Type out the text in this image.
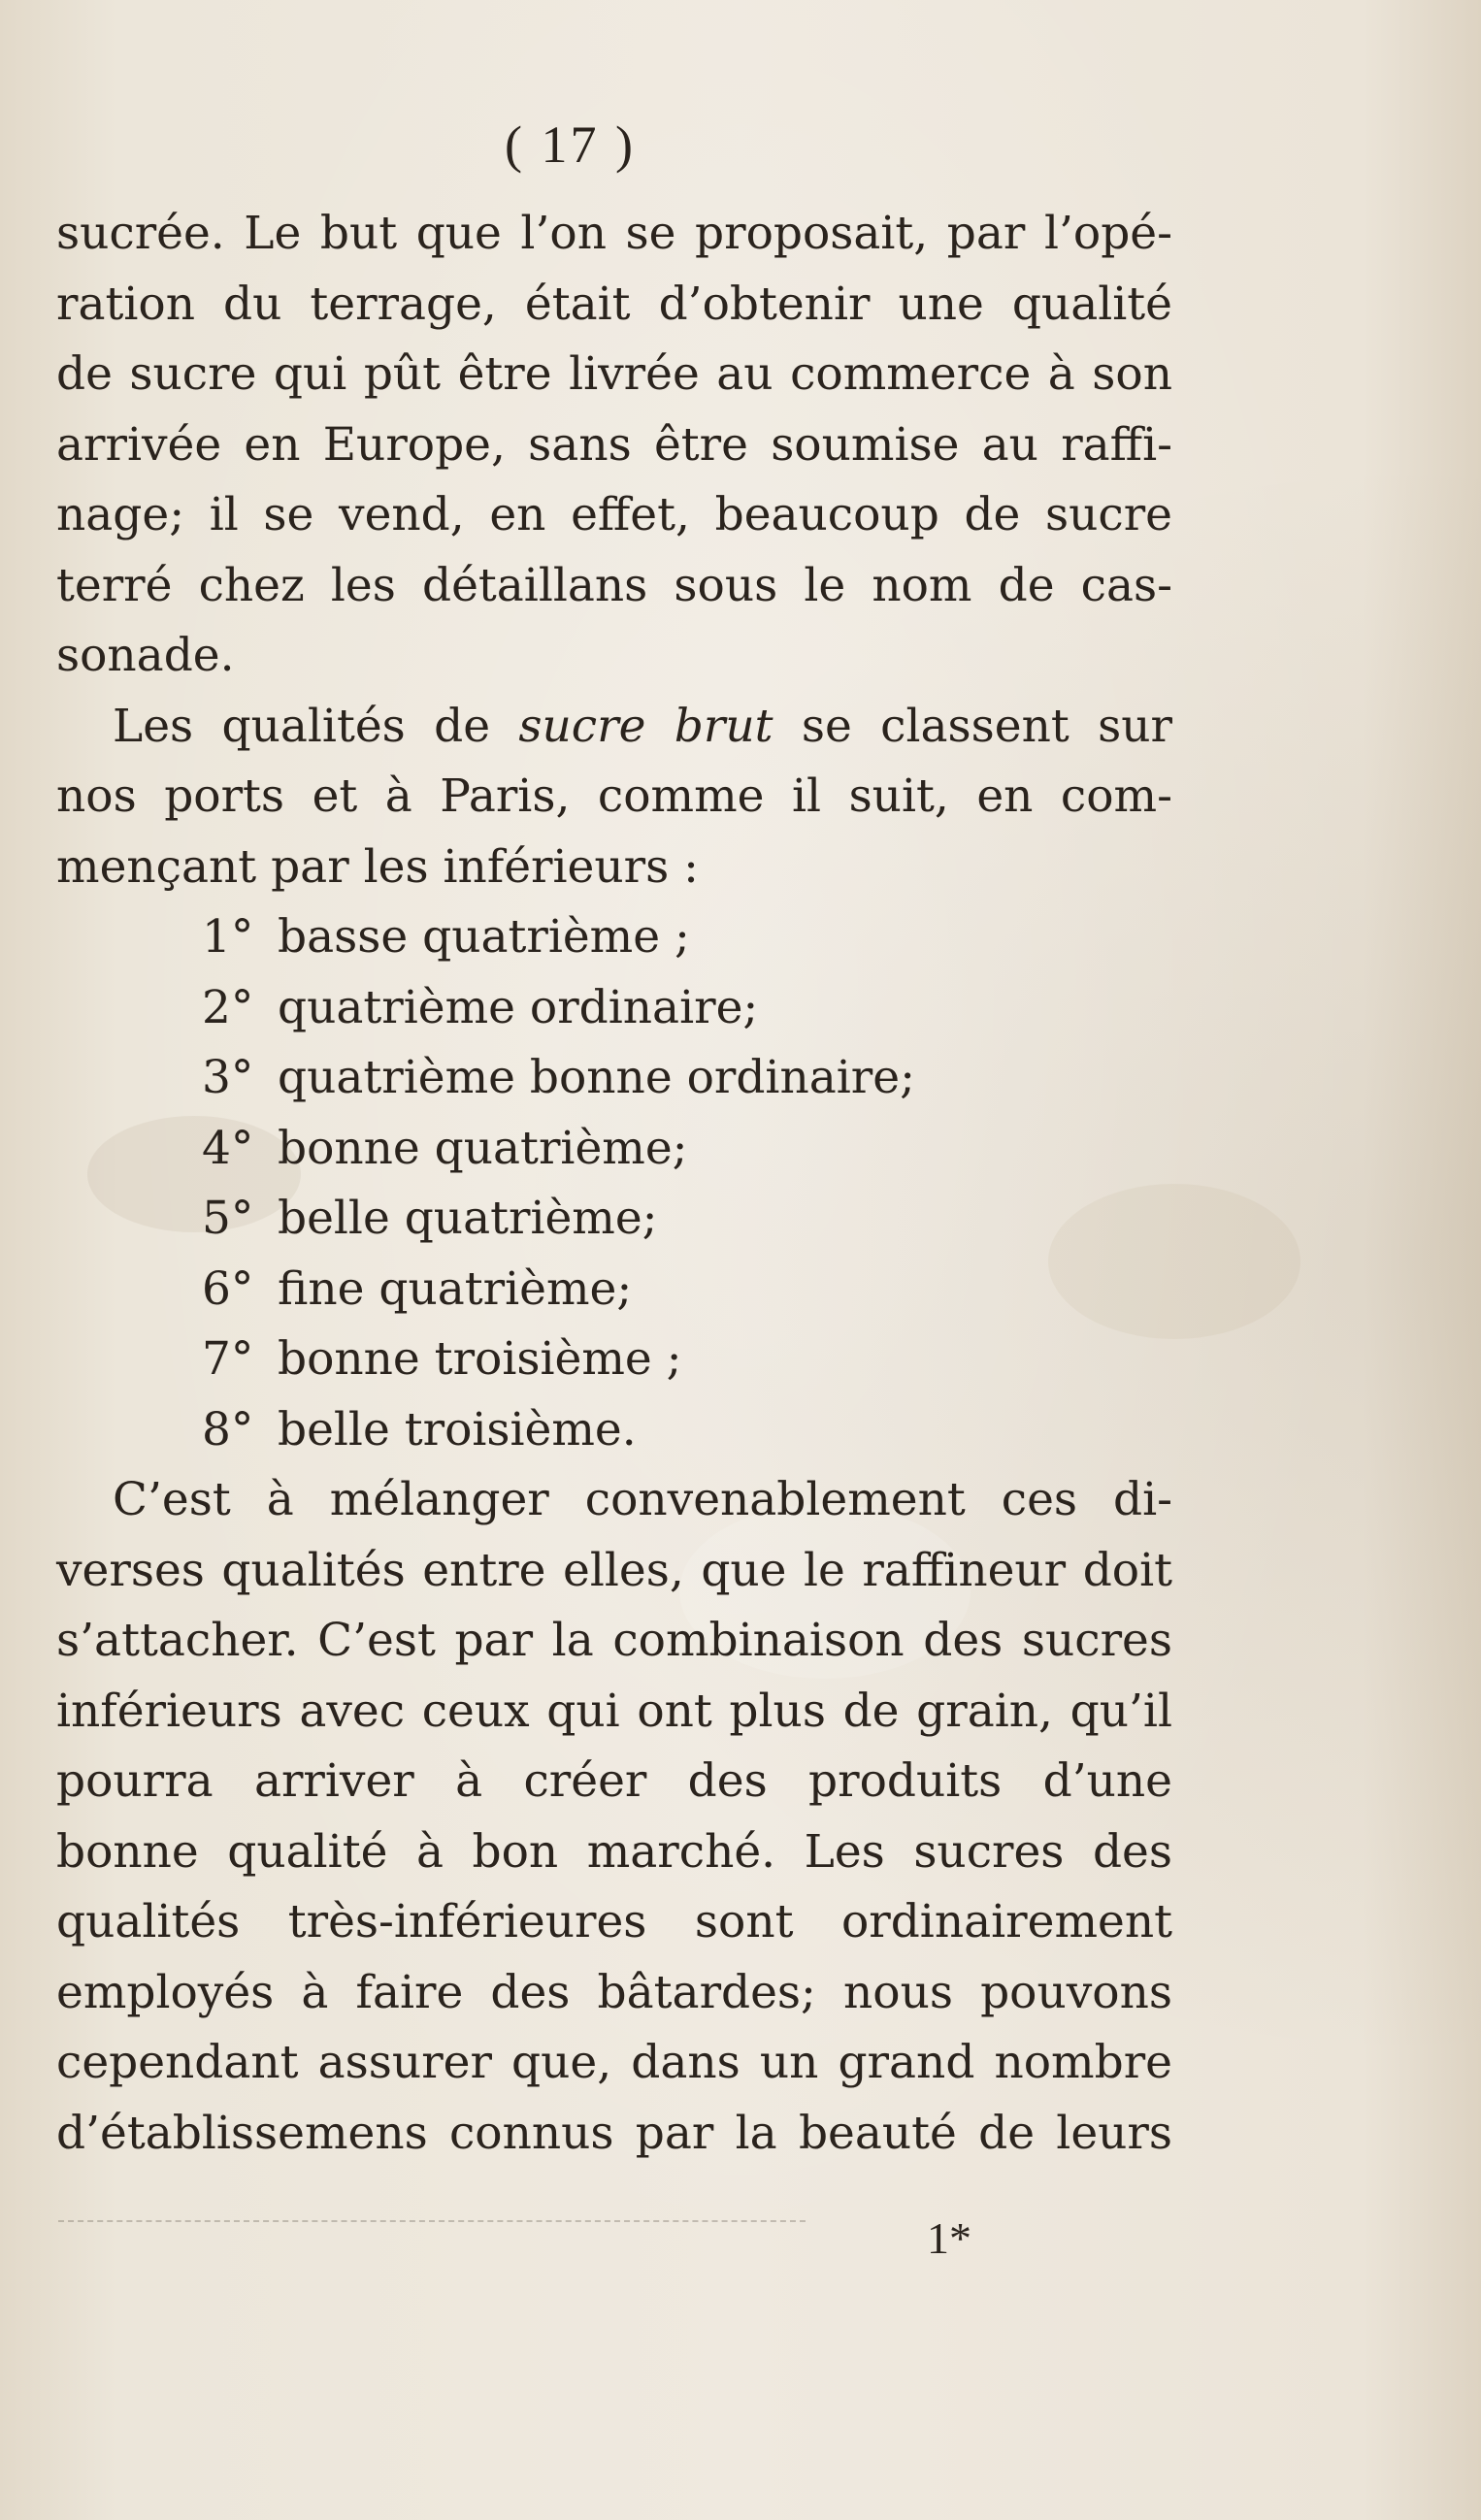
( 17 )
sucrée. Le but que l’on se proposait, par l’opé-
ration du terrage, était d’obtenir une qualité
de sucre qui pût être livrée au commerce à son
arrivée en Europe, sans être soumise au raffi-
nage; il se vend, en effet, beaucoup de sucre
terré chez les détaillans sous le nom de cas-
sonade.
Les qualités de sucre brut se classent sur
nos ports et à Paris, comme il suit, en com-
mençant par les inférieurs :
1° basse quatrième ;
2° quatrième ordinaire;
3° quatrième bonne ordinaire;
4° bonne quatrième;
5° belle quatrième;
6° fine quatrième;
7° bonne troisième ;
8° belle troisième.
C’est à mélanger convenablement ces di-
verses qualités entre elles, que le raffineur doit
s’attacher. C’est par la combinaison des sucres
inférieurs avec ceux qui ont plus de grain, qu’il
pourra arriver à créer des produits d’une
bonne qualité à bon marché. Les sucres des
qualités très-inférieures sont ordinairement
employés à faire des bâtardes; nous pouvons
cependant assurer que, dans un grand nombre
d’établissemens connus par la beauté de leurs
1*
